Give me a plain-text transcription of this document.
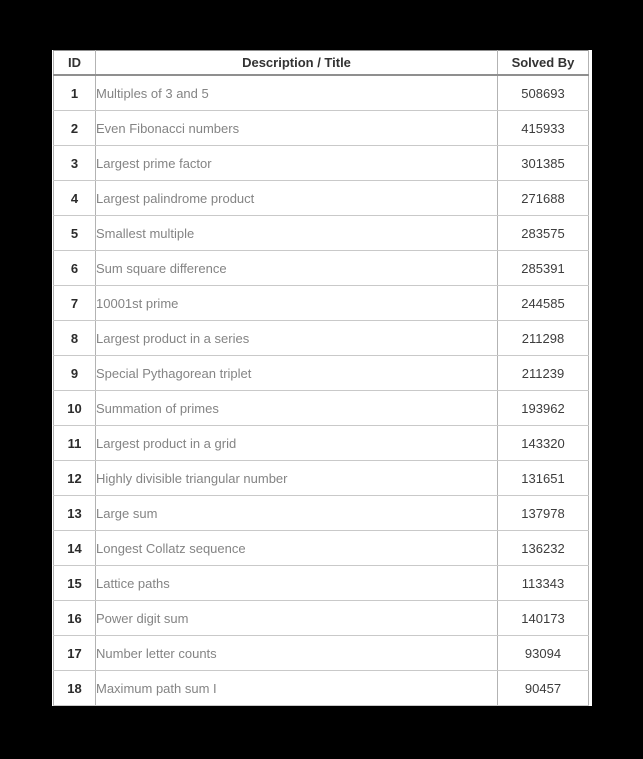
ID	Description / Title	Solved By
1	Multiples of 3 and 5	508693
2	Even Fibonacci numbers	415933
3	Largest prime factor	301385
4	Largest palindrome product	271688
5	Smallest multiple	283575
6	Sum square difference	285391
7	10001st prime	244585
8	Largest product in a series	211298
9	Special Pythagorean triplet	211239
10	Summation of primes	193962
11	Largest product in a grid	143320
12	Highly divisible triangular number	131651
13	Large sum	137978
14	Longest Collatz sequence	136232
15	Lattice paths	113343
16	Power digit sum	140173
17	Number letter counts	93094
18	Maximum path sum I	90457
